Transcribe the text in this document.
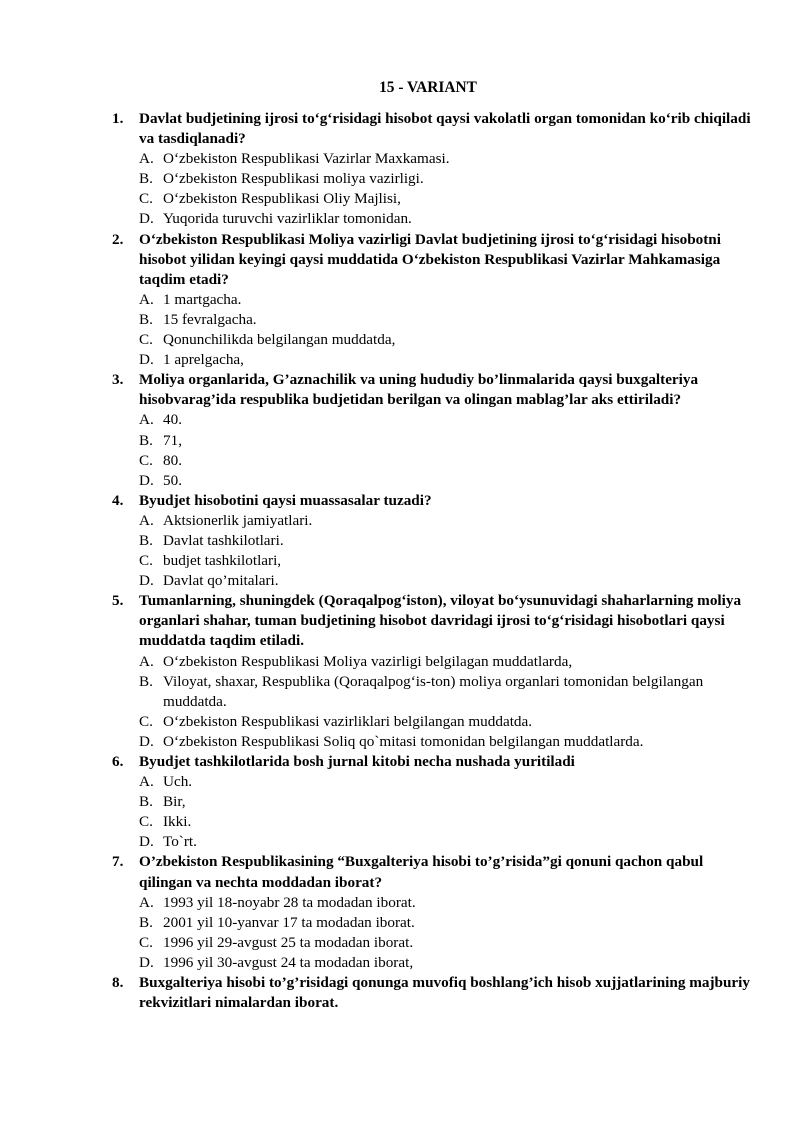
15 - VARIANT
1. Davlat budjetining ijrosi to‘g‘risidagi hisobot qaysi vakolatli organ tomonidan ko‘rib chiqiladi va tasdiqlanadi?
A. O‘zbekiston Respublikasi Vazirlar Maxkamasi.
B. O‘zbekiston Respublikasi moliya vazirligi.
C. O‘zbekiston Respublikasi Oliy Majlisi,
D. Yuqorida turuvchi vazirliklar tomonidan.
2. O‘zbekiston Respublikasi Moliya vazirligi Davlat budjetining ijrosi to‘g‘risidagi hisobotni hisobot yilidan keyingi qaysi muddatida O‘zbekiston Respublikasi Vazirlar Mahkamasiga taqdim etadi?
A. 1 martgacha.
B. 15 fevralgacha.
C. Qonunchilikda belgilangan muddatda,
D. 1 aprelgacha,
3. Moliya organlarida, G’aznachilik va uning hududiy bo’linmalarida qaysi buxgalteriya hisobvarag’ida respublika budjetidan berilgan va olingan mablag’lar aks ettiriladi?
A. 40.
B. 71,
C. 80.
D. 50.
4. Byudjet hisobotini qaysi muassasalar tuzadi?
A. Aktsionerlik jamiyatlari.
B. Davlat tashkilotlari.
C. budjet tashkilotlari,
D. Davlat qo’mitalari.
5. Tumanlarning, shuningdek (Qoraqalpog‘iston), viloyat bo‘ysunuvidagi shaharlarning moliya organlari shahar, tuman budjetining hisobot davridagi ijrosi to‘g‘risidagi hisobotlari qaysi muddatda taqdim etiladi.
A. O‘zbekiston Respublikasi Moliya vazirligi belgilagan muddatlarda,
B. Viloyat, shaxar, Respublika (Qoraqalpog‘is-ton) moliya organlari tomonidan belgilangan muddatda.
C. O‘zbekiston Respublikasi vazirliklari belgilangan muddatda.
D. O‘zbekiston Respublikasi Soliq qo`mitasi tomonidan belgilangan muddatlarda.
6. Byudjet tashkilotlarida bosh jurnal kitobi necha nushada yuritiladi
A. Uch.
B. Bir,
C. Ikki.
D. To`rt.
7. O’zbekiston Respublikasining “Buxgalteriya hisobi to’g’risida”gi qonuni qachon qabul qilingan va nechta moddadan iborat?
A. 1993 yil 18-noyabr 28 ta modadan iborat.
B. 2001 yil 10-yanvar 17 ta modadan iborat.
C. 1996 yil 29-avgust 25 ta modadan iborat.
D. 1996 yil 30-avgust 24 ta modadan iborat,
8. Buxgalteriya hisobi to’g’risidagi qonunga muvofiq boshlang’ich hisob xujjatlarining majburiy rekvizitlari nimalardan iborat.
